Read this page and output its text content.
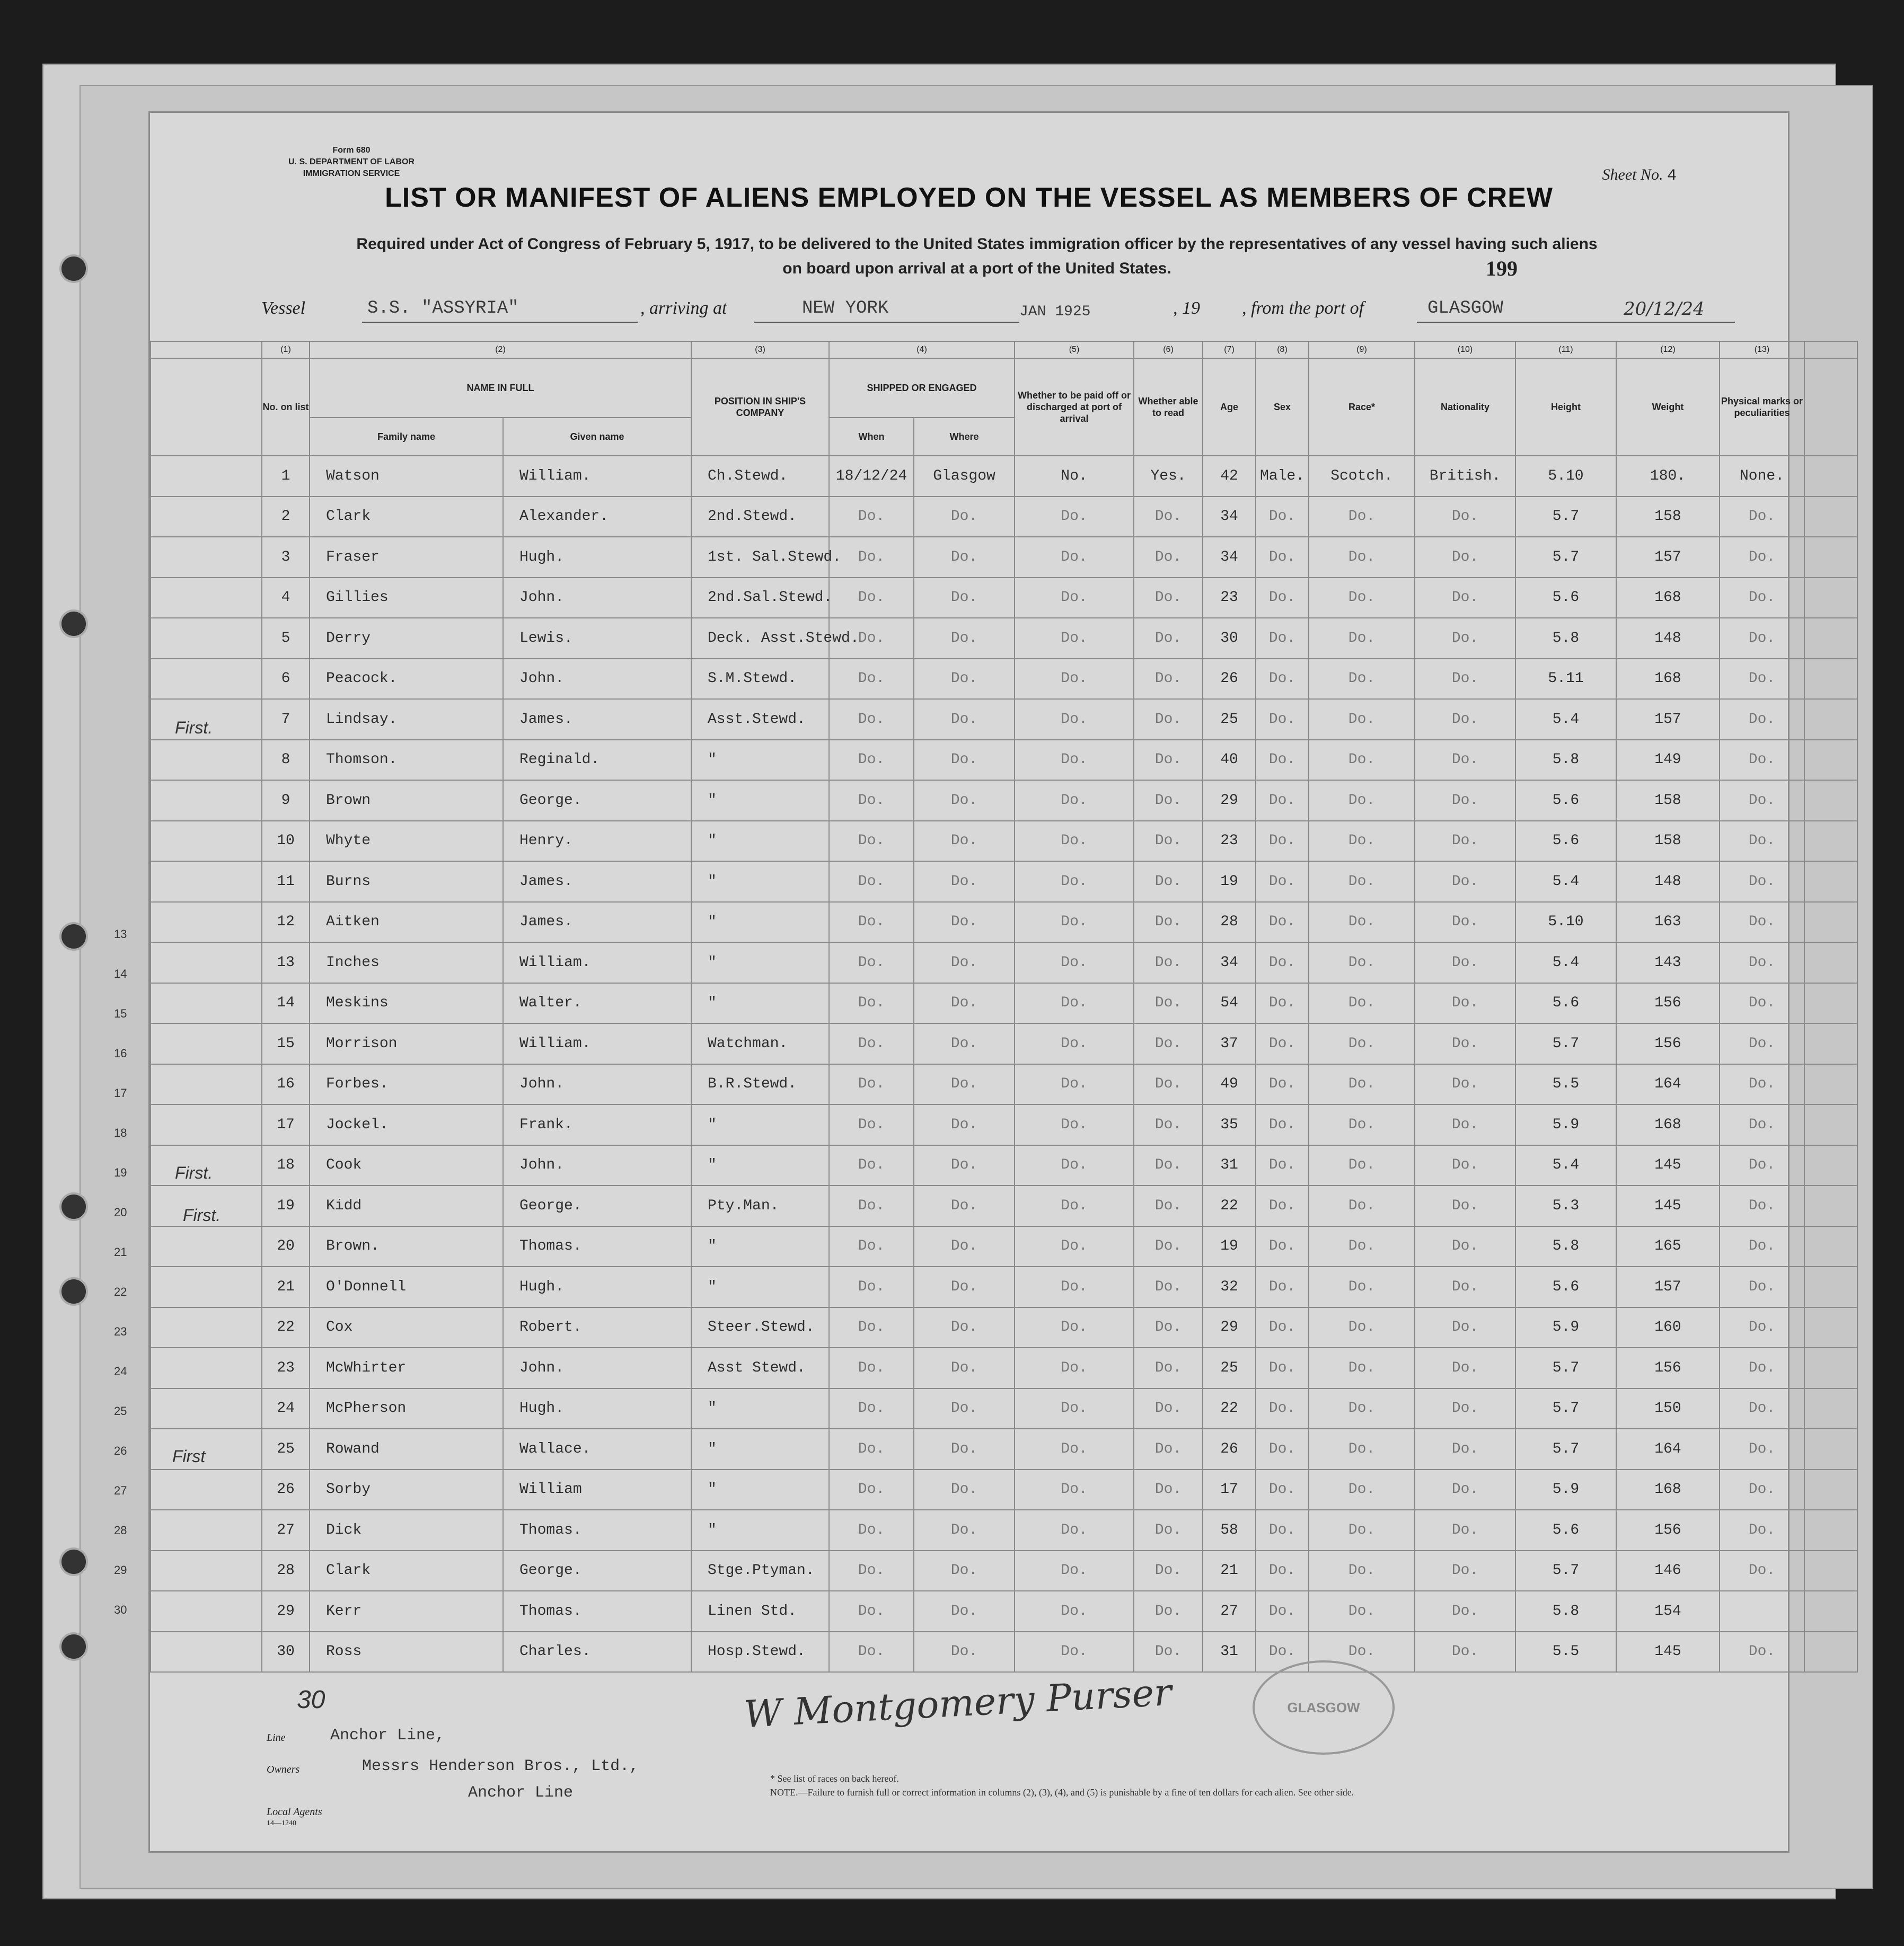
Form 680
U. S. DEPARTMENT OF LABOR
IMMIGRATION SERVICE	Sheet No. 4
LIST OR MANIFEST OF ALIENS EMPLOYED ON THE VESSEL AS MEMBERS OF CREW
Required under Act of Congress of February 5, 1917, to be delivered to the United States immigration officer by the representatives of any vessel having such aliens
on board upon arrival at a port of the United States.	199
Vessel	S.S. "ASSYRIA"	, arriving at	NEW YORK	JAN 1925	, 19 , from the port of	GLASGOW	20/12/24
	(1)	(2)		(3)	(4)		(5)	(6)	(7)	(8)	(9)	(10)	(11)	(12)	(13)	
	No. on list	NAME IN FULL		POSITION IN SHIP'S COMPANY	SHIPPED OR ENGAGED		Whether to be paid off or discharged at port of arrival	Whether able to read	Age	Sex	Race*	Nationality	Height	Weight	Physical marks or peculiarities	
		Family name	Given name		When	Where										
	1	Watson	William.	Ch.Stewd.	18/12/24	Glasgow	No.	Yes.	42	Male.	Scotch.	British.	5.10	180.	None.	
	2	Clark	Alexander.	2nd.Stewd.	Do.	Do.	Do.	Do.	34	Do.	Do.	Do.	5.7	158	Do.	
	3	Fraser	Hugh.	1st. Sal.Stewd.	Do.	Do.	Do.	Do.	34	Do.	Do.	Do.	5.7	157	Do.	
	4	Gillies	John.	2nd.Sal.Stewd.	Do.	Do.	Do.	Do.	23	Do.	Do.	Do.	5.6	168	Do.	
	5	Derry	Lewis.	Deck. Asst.Stewd.	Do.	Do.	Do.	Do.	30	Do.	Do.	Do.	5.8	148	Do.	
	6	Peacock.	John.	S.M.Stewd.	Do.	Do.	Do.	Do.	26	Do.	Do.	Do.	5.11	168	Do.	
	7	Lindsay.	James.	Asst.Stewd.	Do.	Do.	Do.	Do.	25	Do.	Do.	Do.	5.4	157	Do.	
	8	Thomson.	Reginald.	"	Do.	Do.	Do.	Do.	40	Do.	Do.	Do.	5.8	149	Do.	
	9	Brown	George.	"	Do.	Do.	Do.	Do.	29	Do.	Do.	Do.	5.6	158	Do.	
	10	Whyte	Henry.	"	Do.	Do.	Do.	Do.	23	Do.	Do.	Do.	5.6	158	Do.	
	11	Burns	James.	"	Do.	Do.	Do.	Do.	19	Do.	Do.	Do.	5.4	148	Do.	
	12	Aitken	James.	"	Do.	Do.	Do.	Do.	28	Do.	Do.	Do.	5.10	163	Do.	
	13	Inches	William.	"	Do.	Do.	Do.	Do.	34	Do.	Do.	Do.	5.4	143	Do.	
	14	Meskins	Walter.	"	Do.	Do.	Do.	Do.	54	Do.	Do.	Do.	5.6	156	Do.	
	15	Morrison	William.	Watchman.	Do.	Do.	Do.	Do.	37	Do.	Do.	Do.	5.7	156	Do.	
	16	Forbes.	John.	B.R.Stewd.	Do.	Do.	Do.	Do.	49	Do.	Do.	Do.	5.5	164	Do.	
	17	Jockel.	Frank.	"	Do.	Do.	Do.	Do.	35	Do.	Do.	Do.	5.9	168	Do.	
	18	Cook	John.	"	Do.	Do.	Do.	Do.	31	Do.	Do.	Do.	5.4	145	Do.	
	19	Kidd	George.	Pty.Man.	Do.	Do.	Do.	Do.	22	Do.	Do.	Do.	5.3	145	Do.	
	20	Brown.	Thomas.	"	Do.	Do.	Do.	Do.	19	Do.	Do.	Do.	5.8	165	Do.	
	21	O'Donnell	Hugh.	"	Do.	Do.	Do.	Do.	32	Do.	Do.	Do.	5.6	157	Do.	
	22	Cox	Robert.	Steer.Stewd.	Do.	Do.	Do.	Do.	29	Do.	Do.	Do.	5.9	160	Do.	
	23	McWhirter	John.	Asst Stewd.	Do.	Do.	Do.	Do.	25	Do.	Do.	Do.	5.7	156	Do.	
	24	McPherson	Hugh.	"	Do.	Do.	Do.	Do.	22	Do.	Do.	Do.	5.7	150	Do.	
	25	Rowand	Wallace.	"	Do.	Do.	Do.	Do.	26	Do.	Do.	Do.	5.7	164	Do.	
	26	Sorby	William	"	Do.	Do.	Do.	Do.	17	Do.	Do.	Do.	5.9	168	Do.	
	27	Dick	Thomas.	"	Do.	Do.	Do.	Do.	58	Do.	Do.	Do.	5.6	156	Do.	
	28	Clark	George.	Stge.Ptyman.	Do.	Do.	Do.	Do.	21	Do.	Do.	Do.	5.7	146	Do.	
	29	Kerr	Thomas.	Linen Std.	Do.	Do.	Do.	Do.	27	Do.	Do.	Do.	5.8	154		
	30	Ross	Charles.	Hosp.Stewd.	Do.	Do.	Do.	Do.	31	Do.	Do.	Do.	5.5	145	Do.	
W Montgomery Purser	GLASGOW
Line	Anchor Line,
Owners	Messrs Henderson Bros., Ltd.,
Anchor Line
Local Agents
14—1240
* See list of races on back hereof.
NOTE.—Failure to furnish full or correct information in columns (2), (3), (4), and (5) is punishable by a fine of ten dollars for each alien. See other side.
First.
First.
First.
First
30
13
14
15
16
17
18
19
20
21
22
23
24
25
26
27
28
29
30
